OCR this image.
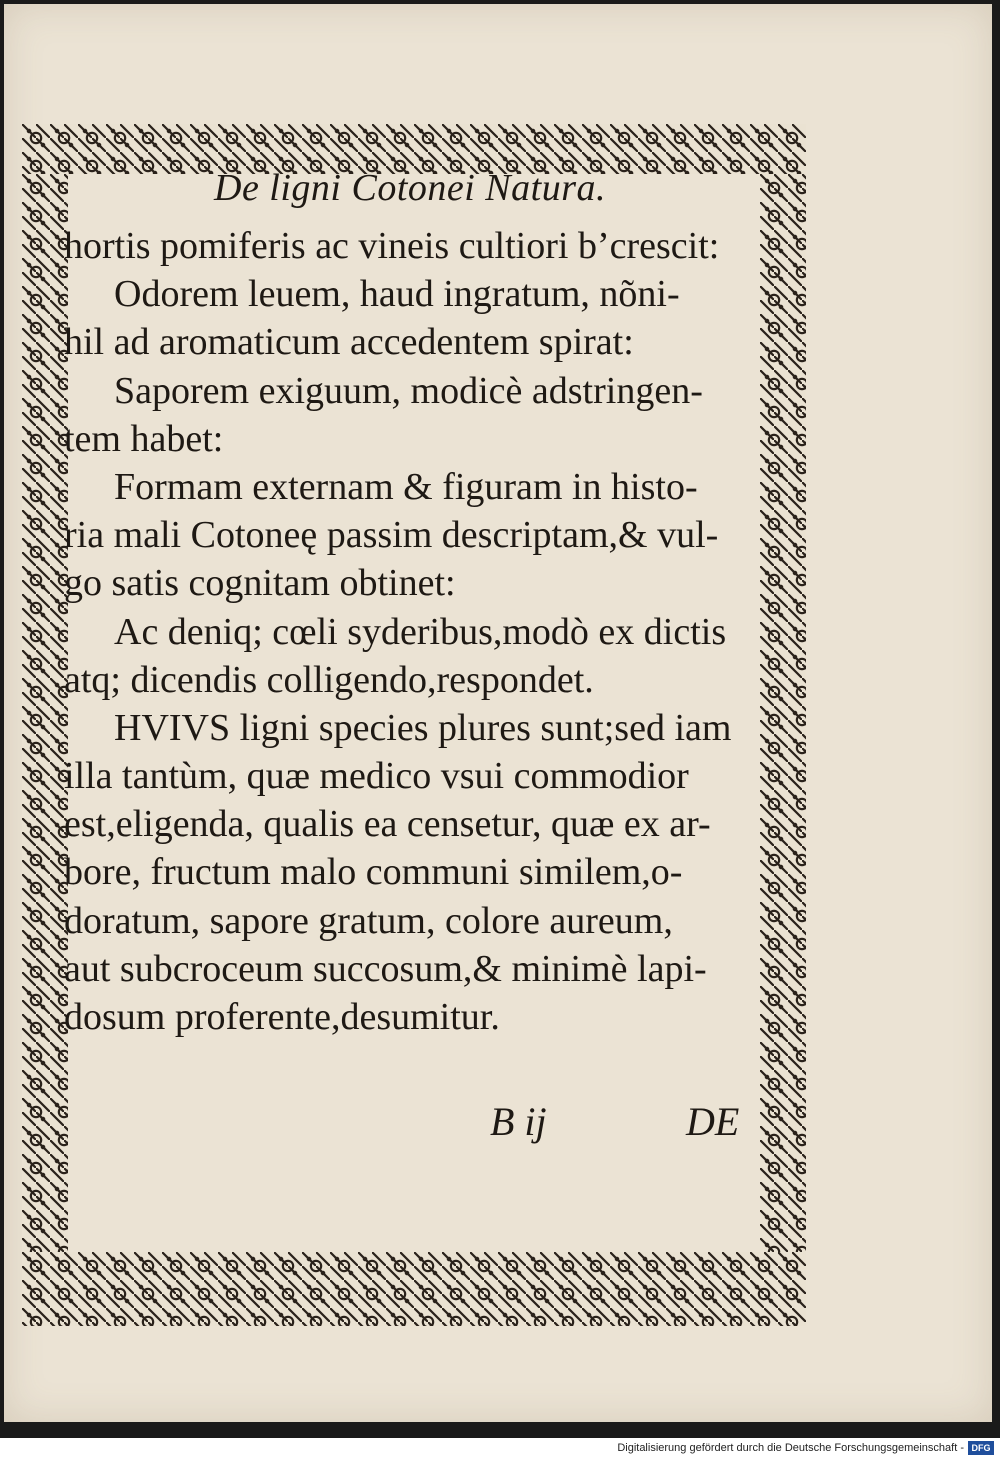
De ligni Cotonei Natura.
hortis pomiferis ac vineis cultiori b’crescit:
Odorem leuem, haud ingratum, nõni-
hil ad aromaticum accedentem spirat:
Saporem exiguum, modicè adstringen-
tem habet:
Formam externam & figuram in histo-
ria mali Cotoneę passim descriptam,& vul-
go satis cognitam obtinet:
Ac deniq; cœli syderibus,modò ex dictis
atq; dicendis colligendo,respondet.
HVIVS ligni species plures sunt;sed iam
illa tantùm, quæ medico vsui commodior
est,eligenda, qualis ea censetur, quæ ex ar-
bore, fructum malo communi similem,o-
doratum, sapore gratum, colore aureum,
aut subcroceum succosum,& minimè lapi-
dosum proferente,desumitur.
B ij	DE
Digitalisierung gefördert durch die Deutsche Forschungsgemeinschaft - DFG
